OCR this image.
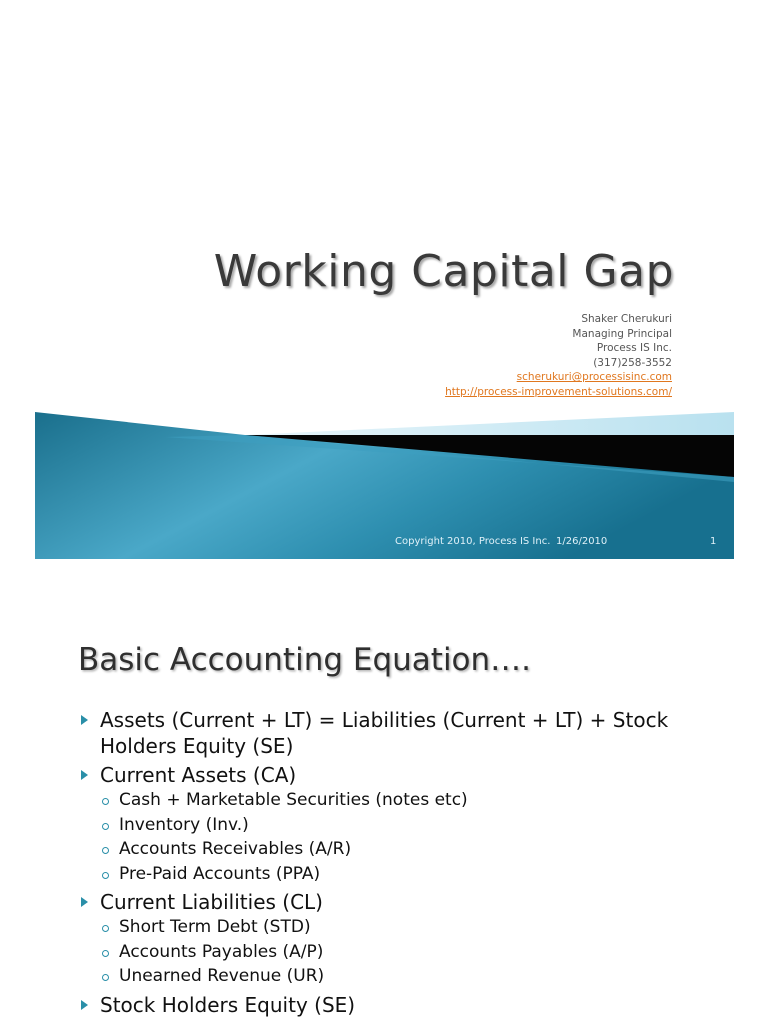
Working Capital Gap
Shaker Cherukuri
Managing Principal
Process IS Inc.
(317)258-3552
scherukuri@processisinc.com
http://process-improvement-solutions.com/
Copyright 2010, Process IS Inc. 1/26/2010	1
Basic Accounting Equation….
Assets (Current + LT) = Liabilities (Current + LT) + Stock Holders Equity (SE)
Current Assets (CA)
Cash + Marketable Securities (notes etc)
Inventory (Inv.)
Accounts Receivables (A/R)
Pre-Paid Accounts (PPA)
Current Liabilities (CL)
Short Term Debt (STD)
Accounts Payables (A/P)
Unearned Revenue (UR)
Stock Holders Equity (SE)
